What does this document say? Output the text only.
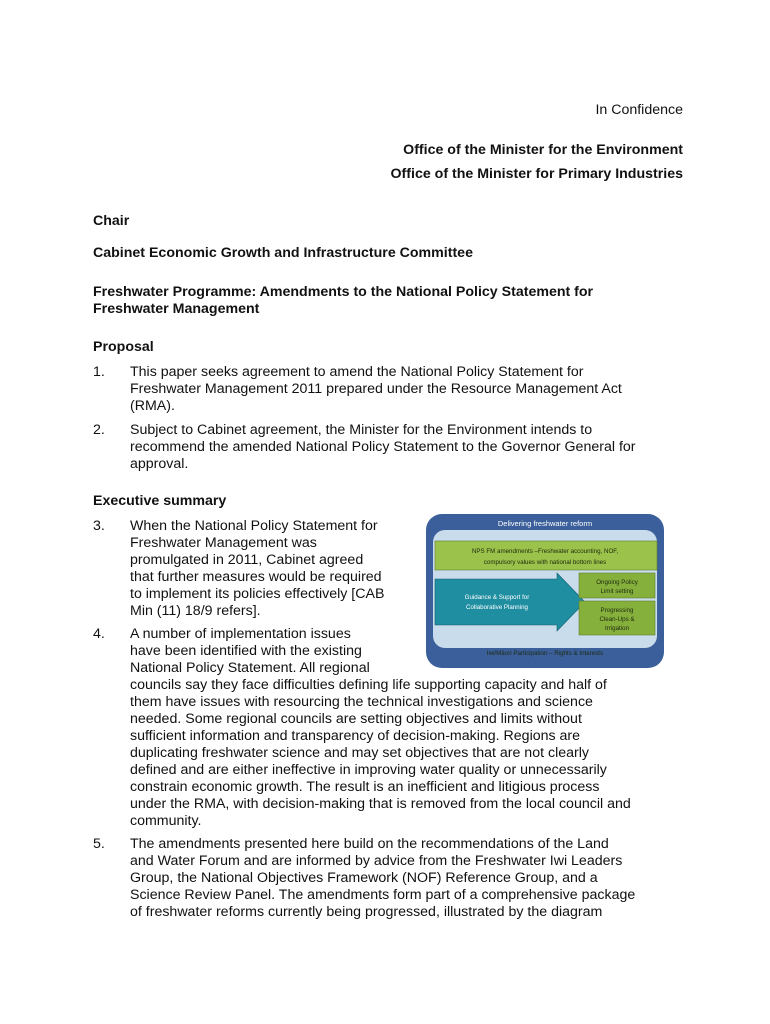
In Confidence
Office of the Minister for the Environment
Office of the Minister for Primary Industries
Chair
Cabinet Economic Growth and Infrastructure Committee
Freshwater Programme: Amendments to the National Policy Statement for
Freshwater Management
Proposal
1. This paper seeks agreement to amend the National Policy Statement for
Freshwater Management 2011 prepared under the Resource Management Act
(RMA).
2. Subject to Cabinet agreement, the Minister for the Environment intends to
recommend the amended National Policy Statement to the Governor General for
approval.
Executive summary
3. When the National Policy Statement for
Freshwater Management was
promulgated in 2011, Cabinet agreed
that further measures would be required
to implement its policies effectively [CAB
Min (11) 18/9 refers].
4. A number of implementation issues
have been identified with the existing
National Policy Statement. All regional
councils say they face difficulties defining life supporting capacity and half of
them have issues with resourcing the technical investigations and science
needed. Some regional councils are setting objectives and limits without
sufficient information and transparency of decision-making. Regions are
duplicating freshwater science and may set objectives that are not clearly
defined and are either ineffective in improving water quality or unnecessarily
constrain economic growth. The result is an inefficient and litigious process
under the RMA, with decision-making that is removed from the local council and
community.
5. The amendments presented here build on the recommendations of the Land
and Water Forum and are informed by advice from the Freshwater Iwi Leaders
Group, the National Objectives Framework (NOF) Reference Group, and a
Science Review Panel. The amendments form part of a comprehensive package
of freshwater reforms currently being progressed, illustrated by the diagram
Delivering freshwater reform
NPS FM amendments –Freshwater accounting, NOF,
compulsory values with national bottom lines
Guidance & Support for
Collaborative Planning
Ongoing Policy
Limit setting
Progressing
Clean-Ups &
Irrigation
Iwi/Māori Participation – Rights & Interests
